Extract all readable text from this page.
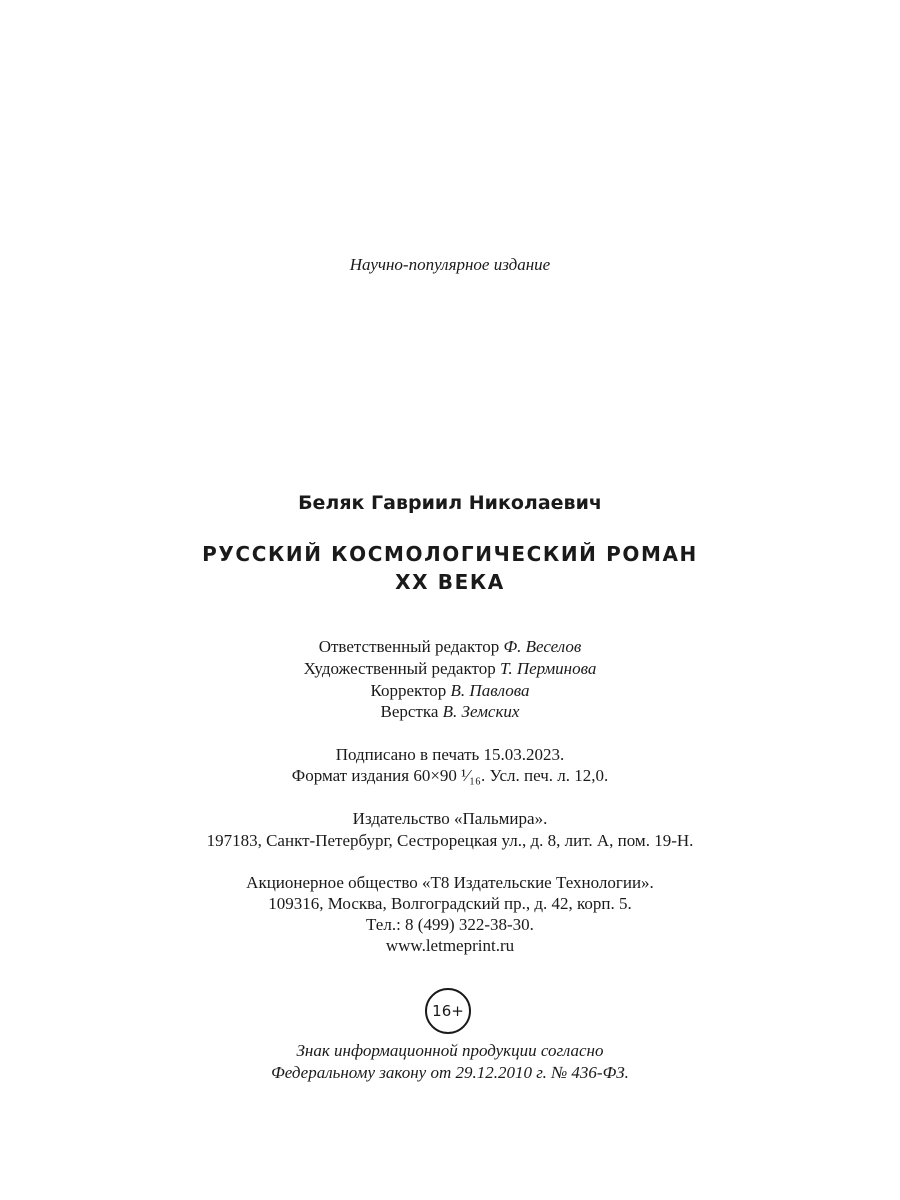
Научно-популярное издание
Беляк Гавриил Николаевич
РУССКИЙ КОСМОЛОГИЧЕСКИЙ РОМАН
XX ВЕКА
Ответственный редактор Ф. Веселов
Художественный редактор Т. Перминова
Корректор В. Павлова
Верстка В. Земских
Подписано в печать 15.03.2023.
Формат издания 60×90 ¹⁄₁₆. Усл. печ. л. 12,0.
Издательство «Пальмира».
197183, Санкт-Петербург, Сестрорецкая ул., д. 8, лит. А, пом. 19-Н.
Акционерное общество «Т8 Издательские Технологии».
109316, Москва, Волгоградский пр., д. 42, корп. 5.
Тел.: 8 (499) 322-38-30.
www.letmeprint.ru
16+
Знак информационной продукции согласно
Федеральному закону от 29.12.2010 г. № 436-ФЗ.
